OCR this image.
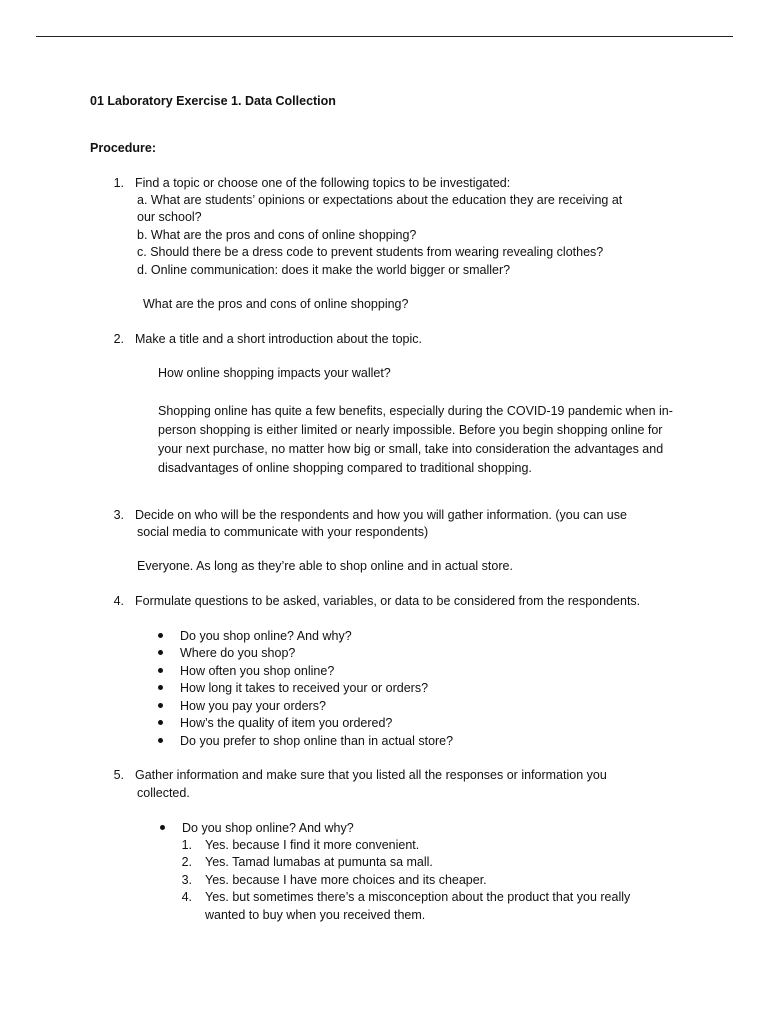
01 Laboratory Exercise 1. Data Collection
Procedure:
1. Find a topic or choose one of the following topics to be investigated:
a. What are students’ opinions or expectations about the education they are receiving at
our school?
b. What are the pros and cons of online shopping?
c. Should there be a dress code to prevent students from wearing revealing clothes?
d. Online communication: does it make the world bigger or smaller?
What are the pros and cons of online shopping?
2. Make a title and a short introduction about the topic.
How online shopping impacts your wallet?
Shopping online has quite a few benefits, especially during the COVID-19 pandemic when in-
person shopping is either limited or nearly impossible. Before you begin shopping online for
your next purchase, no matter how big or small, take into consideration the advantages and
disadvantages of online shopping compared to traditional shopping.
3. Decide on who will be the respondents and how you will gather information. (you can use
social media to communicate with your respondents)
Everyone. As long as they’re able to shop online and in actual store.
4. Formulate questions to be asked, variables, or data to be considered from the respondents.
Do you shop online? And why?
Where do you shop?
How often you shop online?
How long it takes to received your or orders?
How you pay your orders?
How’s the quality of item you ordered?
Do you prefer to shop online than in actual store?
5. Gather information and make sure that you listed all the responses or information you
collected.
Do you shop online? And why?
1. Yes. because I find it more convenient.
2. Yes. Tamad lumabas at pumunta sa mall.
3. Yes. because I have more choices and its cheaper.
4. Yes. but sometimes there’s a misconception about the product that you really
wanted to buy when you received them.
